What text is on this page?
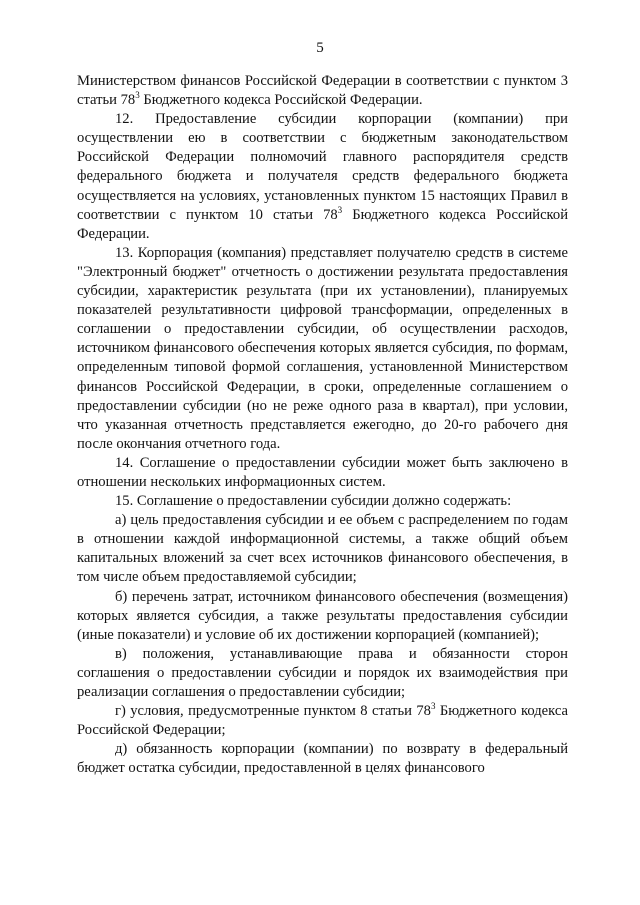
5

Министерством финансов Российской Федерации в соответствии с пунктом 3 статьи $78^3$ Бюджетного кодекса Российской Федерации.

12. Предоставление субсидии корпорации (компании) при осуществлении ею в соответствии с бюджетным законодательством Российской Федерации полномочий главного распорядителя средств федерального бюджета и получателя средств федерального бюджета осуществляется на условиях, установленных пунктом 15 настоящих Правил в соответствии с пунктом 10 статьи $78^3$ Бюджетного кодекса Российской Федерации.

13. Корпорация (компания) представляет получателю средств в системе "Электронный бюджет" отчетность о достижении результата предоставления субсидии, характеристик результата (при их установлении), планируемых показателей результативности цифровой трансформации, определенных в соглашении о предоставлении субсидии, об осуществлении расходов, источником финансового обеспечения которых является субсидия, по формам, определенным типовой формой соглашения, установленной Министерством финансов Российской Федерации, в сроки, определенные соглашением о предоставлении субсидии (но не реже одного раза в квартал), при условии, что указанная отчетность представляется ежегодно, до 20-го рабочего дня после окончания отчетного года.

14. Соглашение о предоставлении субсидии может быть заключено в отношении нескольких информационных систем.

15. Соглашение о предоставлении субсидии должно содержать:

а) цель предоставления субсидии и ее объем с распределением по годам в отношении каждой информационной системы, а также общий объем капитальных вложений за счет всех источников финансового обеспечения, в том числе объем предоставляемой субсидии;

б) перечень затрат, источником финансового обеспечения (возмещения) которых является субсидия, а также результаты предоставления субсидии (иные показатели) и условие об их достижении корпорацией (компанией);

в) положения, устанавливающие права и обязанности сторон соглашения о предоставлении субсидии и порядок их взаимодействия при реализации соглашения о предоставлении субсидии;

г) условия, предусмотренные пунктом 8 статьи $78^3$ Бюджетного кодекса Российской Федерации;

д) обязанность корпорации (компании) по возврату в федеральный бюджет остатка субсидии, предоставленной в целях финансового
